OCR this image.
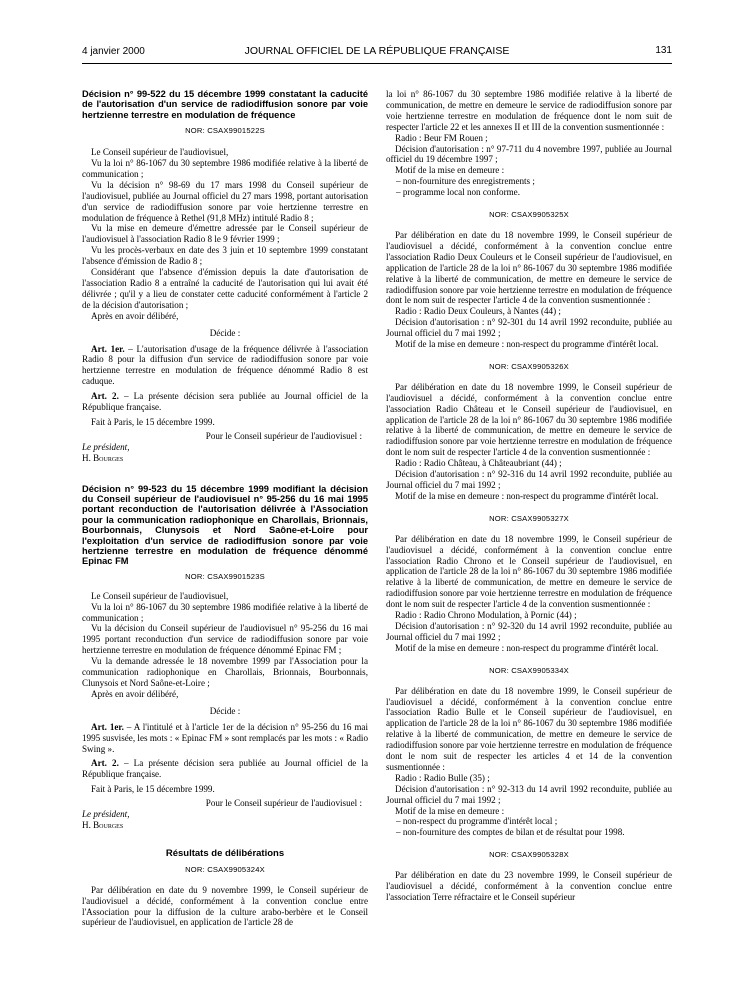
4 janvier 2000	JOURNAL OFFICIEL DE LA RÉPUBLIQUE FRANÇAISE	131

Décision n° 99-522 du 15 décembre 1999 constatant la caducité de l'autorisation d'un service de radiodiffusion sonore par voie hertzienne terrestre en modulation de fréquence

NOR: CSAX9901522S

Le Conseil supérieur de l'audiovisuel,

Vu la loi n° 86-1067 du 30 septembre 1986 modifiée relative à la liberté de communication ;

Vu la décision n° 98-69 du 17 mars 1998 du Conseil supérieur de l'audiovisuel, publiée au Journal officiel du 27 mars 1998, portant autorisation d'un service de radiodiffusion sonore par voie hertzienne terrestre en modulation de fréquence à Rethel (91,8 MHz) intitulé Radio 8 ;

Vu la mise en demeure d'émettre adressée par le Conseil supérieur de l'audiovisuel à l'association Radio 8 le 9 février 1999 ;

Vu les procès-verbaux en date des 3 juin et 10 septembre 1999 constatant l'absence d'émission de Radio 8 ;

Considérant que l'absence d'émission depuis la date d'autorisation de l'association Radio 8 a entraîné la caducité de l'autorisation qui lui avait été délivrée ; qu'il y a lieu de constater cette caducité conformément à l'article 2 de la décision d'autorisation ;

Après en avoir délibéré,

Décide :

Art. 1er. – L'autorisation d'usage de la fréquence délivrée à l'association Radio 8 pour la diffusion d'un service de radiodiffusion sonore par voie hertzienne terrestre en modulation de fréquence dénommé Radio 8 est caduque.

Art. 2. – La présente décision sera publiée au Journal officiel de la République française.

Fait à Paris, le 15 décembre 1999.

Pour le Conseil supérieur de l'audiovisuel :

Le président,

H. Bourges

Décision n° 99-523 du 15 décembre 1999 modifiant la décision du Conseil supérieur de l'audiovisuel n° 95-256 du 16 mai 1995 portant reconduction de l'autorisation délivrée à l'Association pour la communication radiophonique en Charollais, Brionnais, Bourbonnais, Clunysois et Nord Saône-et-Loire pour l'exploitation d'un service de radiodiffusion sonore par voie hertzienne terrestre en modulation de fréquence dénommé Epinac FM

NOR: CSAX9901523S

Le Conseil supérieur de l'audiovisuel,

Vu la loi n° 86-1067 du 30 septembre 1986 modifiée relative à la liberté de communication ;

Vu la décision du Conseil supérieur de l'audiovisuel n° 95-256 du 16 mai 1995 portant reconduction d'un service de radiodiffusion sonore par voie hertzienne terrestre en modulation de fréquence dénommé Epinac FM ;

Vu la demande adressée le 18 novembre 1999 par l'Association pour la communication radiophonique en Charollais, Brionnais, Bourbonnais, Clunysois et Nord Saône-et-Loire ;

Après en avoir délibéré,

Décide :

Art. 1er. – A l'intitulé et à l'article 1er de la décision n° 95-256 du 16 mai 1995 susvisée, les mots : « Epinac FM » sont remplacés par les mots : « Radio Swing ».

Art. 2. – La présente décision sera publiée au Journal officiel de la République française.

Fait à Paris, le 15 décembre 1999.

Pour le Conseil supérieur de l'audiovisuel :

Le président,

H. Bourges

Résultats de délibérations

NOR: CSAX9905324X

Par délibération en date du 9 novembre 1999, le Conseil supérieur de l'audiovisuel a décidé, conformément à la convention conclue entre l'Association pour la diffusion de la culture arabo-berbère et le Conseil supérieur de l'audiovisuel, en application de l'article 28 de

la loi n° 86-1067 du 30 septembre 1986 modifiée relative à la liberté de communication, de mettre en demeure le service de radiodiffusion sonore par voie hertzienne terrestre en modulation de fréquence dont le nom suit de respecter l'article 22 et les annexes II et III de la convention susmentionnée :

Radio : Beur FM Rouen ;

Décision d'autorisation : n° 97-711 du 4 novembre 1997, publiée au Journal officiel du 19 décembre 1997 ;

Motif de la mise en demeure :

– non-fourniture des enregistrements ;

– programme local non conforme.

NOR: CSAX9905325X

Par délibération en date du 18 novembre 1999, le Conseil supérieur de l'audiovisuel a décidé, conformément à la convention conclue entre l'association Radio Deux Couleurs et le Conseil supérieur de l'audiovisuel, en application de l'article 28 de la loi n° 86-1067 du 30 septembre 1986 modifiée relative à la liberté de communication, de mettre en demeure le service de radiodiffusion sonore par voie hertzienne terrestre en modulation de fréquence dont le nom suit de respecter l'article 4 de la convention susmentionnée :

Radio : Radio Deux Couleurs, à Nantes (44) ;

Décision d'autorisation : n° 92-301 du 14 avril 1992 reconduite, publiée au Journal officiel du 7 mai 1992 ;

Motif de la mise en demeure : non-respect du programme d'intérêt local.

NOR: CSAX9905326X

Par délibération en date du 18 novembre 1999, le Conseil supérieur de l'audiovisuel a décidé, conformément à la convention conclue entre l'association Radio Château et le Conseil supérieur de l'audiovisuel, en application de l'article 28 de la loi n° 86-1067 du 30 septembre 1986 modifiée relative à la liberté de communication, de mettre en demeure le service de radiodiffusion sonore par voie hertzienne terrestre en modulation de fréquence dont le nom suit de respecter l'article 4 de la convention susmentionnée :

Radio : Radio Château, à Châteaubriant (44) ;

Décision d'autorisation : n° 92-316 du 14 avril 1992 reconduite, publiée au Journal officiel du 7 mai 1992 ;

Motif de la mise en demeure : non-respect du programme d'intérêt local.

NOR: CSAX9905327X

Par délibération en date du 18 novembre 1999, le Conseil supérieur de l'audiovisuel a décidé, conformément à la convention conclue entre l'association Radio Chrono et le Conseil supérieur de l'audiovisuel, en application de l'article 28 de la loi n° 86-1067 du 30 septembre 1986 modifiée relative à la liberté de communication, de mettre en demeure le service de radiodiffusion sonore par voie hertzienne terrestre en modulation de fréquence dont le nom suit de respecter l'article 4 de la convention susmentionnée :

Radio : Radio Chrono Modulation, à Pornic (44) ;

Décision d'autorisation : n° 92-320 du 14 avril 1992 reconduite, publiée au Journal officiel du 7 mai 1992 ;

Motif de la mise en demeure : non-respect du programme d'intérêt local.

NOR: CSAX9905334X

Par délibération en date du 18 novembre 1999, le Conseil supérieur de l'audiovisuel a décidé, conformément à la convention conclue entre l'association Radio Bulle et le Conseil supérieur de l'audiovisuel, en application de l'article 28 de la loi n° 86-1067 du 30 septembre 1986 modifiée relative à la liberté de communication, de mettre en demeure le service de radiodiffusion sonore par voie hertzienne terrestre en modulation de fréquence dont le nom suit de respecter les articles 4 et 14 de la convention susmentionnée :

Radio : Radio Bulle (35) ;

Décision d'autorisation : n° 92-313 du 14 avril 1992 reconduite, publiée au Journal officiel du 7 mai 1992 ;

Motif de la mise en demeure :

– non-respect du programme d'intérêt local ;

– non-fourniture des comptes de bilan et de résultat pour 1998.

NOR: CSAX9905328X

Par délibération en date du 23 novembre 1999, le Conseil supérieur de l'audiovisuel a décidé, conformément à la convention conclue entre l'association Terre réfractaire et le Conseil supérieur
